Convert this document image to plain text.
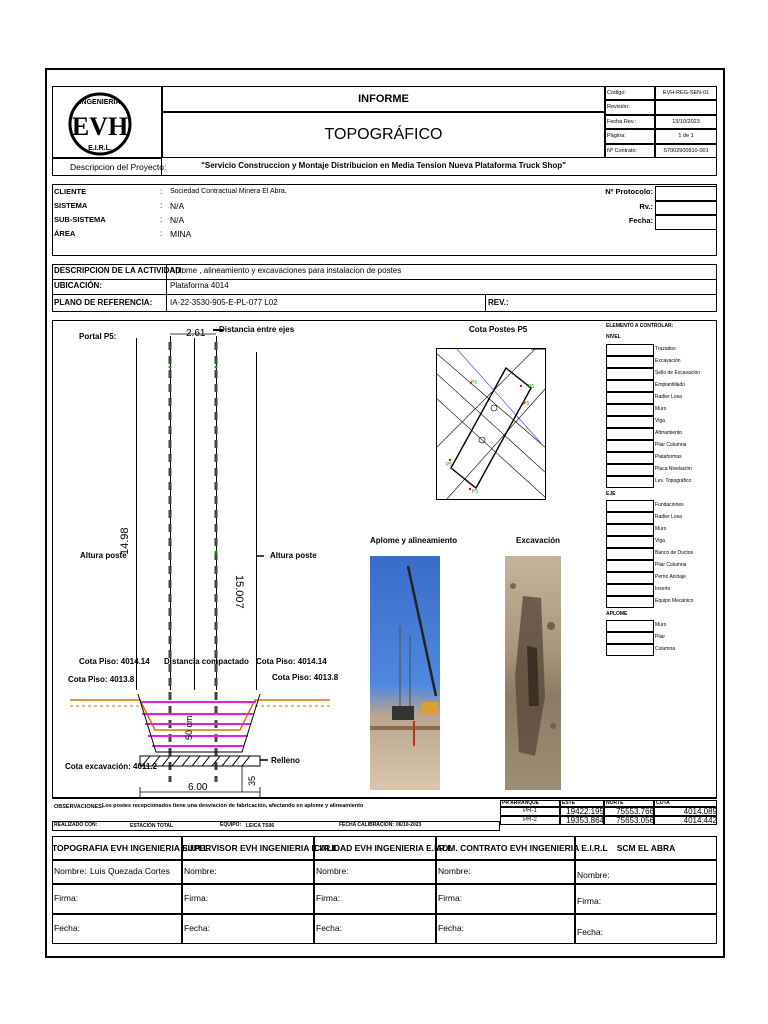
INGENIERIA
EVH
E.I.R.L.
INFORME
TOPOGRÁFICO
Código:	EVH-REG-SEN-01
Revisión:
Fecha Rev.:	13/10/2023
Página:	1 de 1
Nº Contrato:	S7002900810-001
Descripcion del Proyecto:	"Servicio Construccion y Montaje Distribucion en Media Tension Nueva Plataforma Truck Shop"
CLIENTE	: Sociedad Contractual Minera El Abra.
SISTEMA	: N/A
SUB-SISTEMA	: N/A
ÁREA	: MINA
Nº Protocolo:
Rv.:
Fecha:
DESCRIPCION DE LA ACTIVIDAD:
Aplome , alineamiento y excavaciones para instalacion de postes
UBICACIÓN:	Plataforma 4014
PLANO DE REFERENCIA: IA-22-3530-905-E-PL-077 L02	REV.:
Portal P5:	2.61 Distancia entre ejes
14.98
15.007
Altura poste	Altura poste
Cota Piso: 4014.14
Cota Piso: 4013.8
Cota Piso: 4014.14
Cota Piso: 4013.8
Distancia compactado
50 cm
Relleno
Cota excavación: 4011.2
6.00
35
Cota Postes P5
P5
P5
P5
P5
P5
Aplome y alineamiento	Excavación
ELEMENTO A CONTROLAR:
NIVEL
Trazados
Excavación
Sello de Excavación
Emplantillado
Radier Losa
Muro
Viga
Afirramiento
Pilar Columna
Plataformas
Placa Nivelación
Lev. Topográfico
EJE
Fundaciones
Radier Losa
Muro
Viga
Banco de Ductos
Pilar Columna
Perno Anclaje
Inserto
Equipo Mecánico
APLOME
Muro
Pilar
Columna
OBSERVACIONES:
Los postes recepcionados tiene una desviación de fabricación, afectando en aplome y alineamiento	PR ARRANQUE	ESTE	NORTE	COTA
PR-1	19422.195	75553.766	4014.089
PR-2	19353.864	75653.056	4014.442
REALIZADO CON:	ESTACIÓN TOTAL	EQUIPO: LEICA TS06	FECHA CALIBRACIÓN: 06/10-2023
TOPOGRAFIA EVH INGENIERIA E.I.R.L
Nombre: Luis Quezada Cortes
Firma:
Fecha:
SUPERVISOR EVH INGENIERIA E.I.R.L
Nombre:
Firma:
Fecha:
CALIDAD EVH INGENIERIA E.I.R.L
Nombre:
Firma:
Fecha:
ADM. CONTRATO EVH INGENIERIA E.I.R.L
Nombre:
Firma:
Fecha:
SCM EL ABRA
Nombre:
Firma:
Fecha:
